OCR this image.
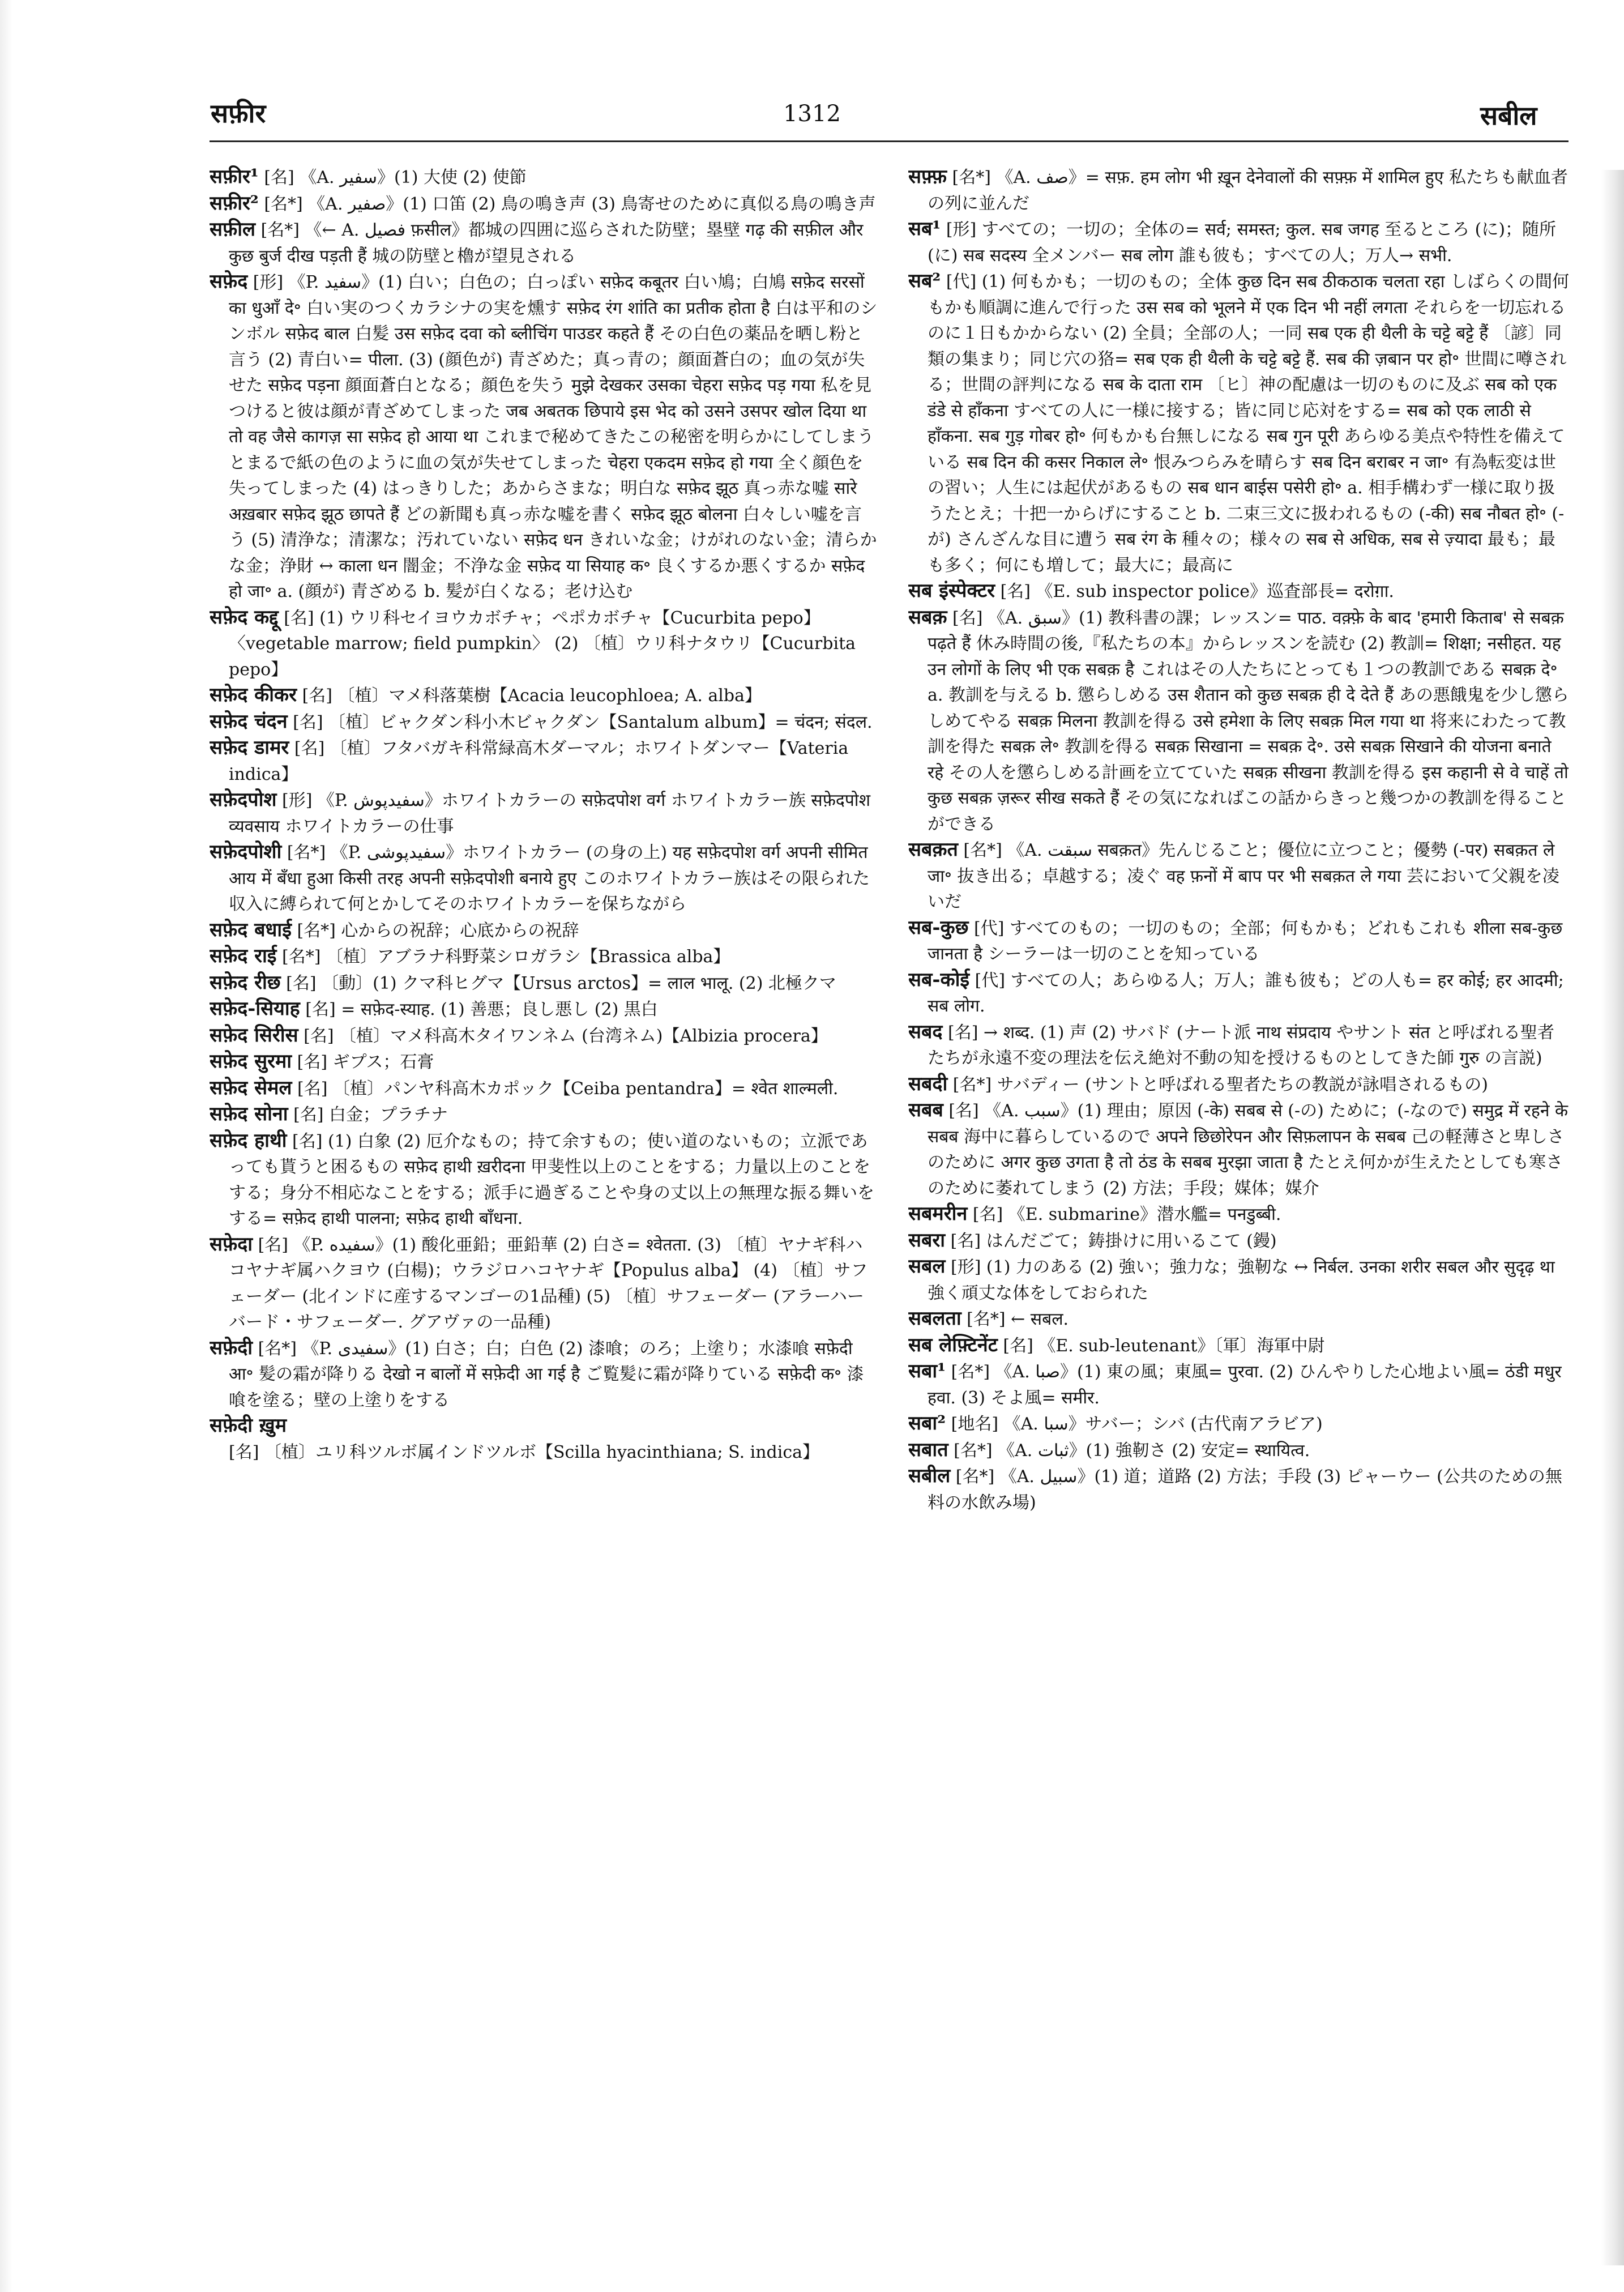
सफ़ीर	1312	सबील
सफ़ीर¹ [名] 《A. سفیر》(1) 大使 (2) 使節
सफ़ीर² [名*] 《A. صفیر》(1) 口笛 (2) 鳥の鳴き声 (3) 鳥寄せのために真似る鳥の鳴き声
सफ़ील [名*] 《← A. فصیل फ़सील》都城の四囲に巡らされた防壁；塁壁 गढ़ की सफ़ील और कुछ बुर्ज दीख पड़ती हैं 城の防壁と櫓が望見される
सफ़ेद [形] 《P. سفید》(1) 白い；白色の；白っぽい सफ़ेद कबूतर 白い鳩；白鳩 सफ़ेद सरसों का धुआँ दे॰ 白い実のつくカラシナの実を燻す सफ़ेद रंग शांति का प्रतीक होता है 白は平和のシンボル सफ़ेद बाल 白髪 उस सफ़ेद दवा को ब्लीचिंग पाउडर कहते हैं その白色の薬品を晒し粉と言う (2) 青白い= पीला. (3) (顔色が) 青ざめた；真っ青の；顔面蒼白の；血の気が失せた सफ़ेद पड़ना 顔面蒼白となる；顔色を失う मुझे देखकर उसका चेहरा सफ़ेद पड़ गया 私を見つけると彼は顔が青ざめてしまった जब अबतक छिपाये इस भेद को उसने उसपर खोल दिया था तो वह जैसे कागज़ सा सफ़ेद हो आया था これまで秘めてきたこの秘密を明らかにしてしまうとまるで紙の色のように血の気が失せてしまった चेहरा एकदम सफ़ेद हो गया 全く顔色を失ってしまった (4) はっきりした；あからさまな；明白な सफ़ेद झूठ 真っ赤な嘘 सारे अख़बार सफ़ेद झूठ छापते हैं どの新聞も真っ赤な嘘を書く सफ़ेद झूठ बोलना 白々しい嘘を言う (5) 清浄な；清潔な；汚れていない सफ़ेद धन きれいな金；けがれのない金；清らかな金；浄財 ↔ काला धन 闇金；不浄な金 सफ़ेद या सियाह क॰ 良くするか悪くするか सफ़ेद हो जा॰ a. (顔が) 青ざめる b. 髪が白くなる；老け込む
सफ़ेद कद्दू [名] (1) ウリ科セイヨウカボチャ；ペポカボチャ【Cucurbita pepo】〈vegetable marrow; field pumpkin〉 (2) 〔植〕ウリ科ナタウリ【Cucurbita pepo】
सफ़ेद कीकर [名] 〔植〕マメ科落葉樹【Acacia leucophloea; A. alba】
सफ़ेद चंदन [名] 〔植〕ビャクダン科小木ビャクダン【Santalum album】= चंदन; संदल.
सफ़ेद डामर [名] 〔植〕フタバガキ科常緑高木ダーマル；ホワイトダンマー【Vateria indica】
सफ़ेदपोश [形] 《P. سفیدپوش》ホワイトカラーの सफ़ेदपोश वर्ग ホワイトカラー族 सफ़ेदपोश व्यवसाय ホワイトカラーの仕事
सफ़ेदपोशी [名*] 《P. سفیدپوشی》ホワイトカラー (の身の上) यह सफ़ेदपोश वर्ग अपनी सीमित आय में बँधा हुआ किसी तरह अपनी सफ़ेदपोशी बनाये हुए このホワイトカラー族はその限られた収入に縛られて何とかしてそのホワイトカラーを保ちながら
सफ़ेद बधाई [名*] 心からの祝辞；心底からの祝辞
सफ़ेद राई [名*] 〔植〕アブラナ科野菜シロガラシ【Brassica alba】
सफ़ेद रीछ [名] 〔動〕(1) クマ科ヒグマ【Ursus arctos】= लाल भालू. (2) 北極クマ
सफ़ेद-सियाह [名] = सफ़ेद-स्याह. (1) 善悪；良し悪し (2) 黒白
सफ़ेद सिरीस [名] 〔植〕マメ科高木タイワンネム (台湾ネム)【Albizia procera】
सफ़ेद सुरमा [名] ギプス；石膏
सफ़ेद सेमल [名] 〔植〕パンヤ科高木カポック【Ceiba pentandra】= श्वेत शाल्मली.
सफ़ेद सोना [名] 白金；プラチナ
सफ़ेद हाथी [名] (1) 白象 (2) 厄介なもの；持て余すもの；使い道のないもの；立派であっても貰うと困るもの सफ़ेद हाथी ख़रीदना 甲斐性以上のことをする；力量以上のことをする；身分不相応なことをする；派手に過ぎることや身の丈以上の無理な振る舞いをする= सफ़ेद हाथी पालना; सफ़ेद हाथी बाँधना.
सफ़ेदा [名] 《P. سفیده》(1) 酸化亜鉛；亜鉛華 (2) 白さ= श्वेतता. (3) 〔植〕ヤナギ科ハコヤナギ属ハクヨウ (白楊)；ウラジロハコヤナギ【Populus alba】 (4) 〔植〕サフェーダー (北インドに産するマンゴーの1品種) (5) 〔植〕サフェーダー (アラーハーバード・サフェーダー. グアヴァの一品種)
सफ़ेदी [名*] 《P. سفیدی》(1) 白さ；白；白色 (2) 漆喰；のろ；上塗り；水漆喰 सफ़ेदी आ॰ 髪の霜が降りる देखो न बालों में सफ़ेदी आ गई है ご覧髪に霜が降りている सफ़ेदी क॰ 漆喰を塗る；壁の上塗りをする
सफ़ेदी ख़ुम [名] 〔植〕ユリ科ツルボ属インドツルボ【Scilla hyacinthiana; S. indica】
सफ़्फ़ [名*] 《A. صف》= सफ़. हम लोग भी ख़ून देनेवालों की सफ़्फ़ में शामिल हुए 私たちも献血者の列に並んだ
सब¹ [形] すべての；一切の；全体の= सर्व; समस्त; कुल. सब जगह 至るところ (に)；随所 (に) सब सदस्य 全メンバー सब लोग 誰も彼も；すべての人；万人→ सभी.
सब² [代] (1) 何もかも；一切のもの；全体 कुछ दिन सब ठीकठाक चलता रहा しばらくの間何もかも順調に進んで行った उस सब को भूलने में एक दिन भी नहीं लगता それらを一切忘れるのに１日もかからない (2) 全員；全部の人；一同 सब एक ही थैली के चट्टे बट्टे हैं 〔諺〕同類の集まり；同じ穴の狢= सब एक ही थैली के चट्टे बट्टे हैं. सब की ज़बान पर हो॰ 世間に噂される；世間の評判になる सब के दाता राम 〔ヒ〕神の配慮は一切のものに及ぶ सब को एक डंडे से हाँकना すべての人に一様に接する；皆に同じ応対をする= सब को एक लाठी से हाँकना. सब गुड़ गोबर हो॰ 何もかも台無しになる सब गुन पूरी あらゆる美点や特性を備えている सब दिन की कसर निकाल ले॰ 恨みつらみを晴らす सब दिन बराबर न जा॰ 有為転変は世の習い；人生には起伏があるもの सब धान बाईस पसेरी हो॰ a. 相手構わず一様に取り扱うたとえ；十把一からげにすること b. 二束三文に扱われるもの (-की) सब नौबत हो॰ (-が) さんざんな目に遭う सब रंग के 種々の；様々の सब से अधिक, सब से ज़्यादा 最も；最も多く；何にも増して；最大に；最高に
सब इंस्पेक्टर [名] 《E. sub inspector police》巡査部長= दरोग़ा.
सबक़ [名] 《A. سبق》(1) 教科書の課；レッスン= पाठ. वक़्फ़े के बाद 'हमारी किताब' से सबक़ पढ़ते हैं 休み時間の後,『私たちの本』からレッスンを読む (2) 教訓= शिक्षा; नसीहत. यह उन लोगों के लिए भी एक सबक़ है これはその人たちにとっても１つの教訓である सबक़ दे॰ a. 教訓を与える b. 懲らしめる उस शैतान को कुछ सबक़ ही दे देते हैं あの悪餓鬼を少し懲らしめてやる सबक़ मिलना 教訓を得る उसे हमेशा के लिए सबक़ मिल गया था 将来にわたって教訓を得た सबक़ ले॰ 教訓を得る सबक़ सिखाना = सबक़ दे॰. उसे सबक़ सिखाने की योजना बनाते रहे その人を懲らしめる計画を立てていた सबक़ सीखना 教訓を得る इस कहानी से वे चाहें तो कुछ सबक़ ज़रूर सीख सकते हैं その気になればこの話からきっと幾つかの教訓を得ることができる
सबक़त [名*] 《A. سبقت सबक़त》先んじること；優位に立つこと；優勢 (-पर) सबक़त ले जा॰ 抜き出る；卓越する；凌ぐ वह फ़नों में बाप पर भी सबक़त ले गया 芸において父親を凌いだ
सब-कुछ [代] すべてのもの；一切のもの；全部；何もかも；どれもこれも शीला सब-कुछ जानता है シーラーは一切のことを知っている
सब-कोई [代] すべての人；あらゆる人；万人；誰も彼も；どの人も= हर कोई; हर आदमी; सब लोग.
सबद [名] → शब्द. (1) 声 (2) サバド (ナート派 नाथ संप्रदाय やサント संत と呼ばれる聖者たちが永遠不変の理法を伝え絶対不動の知を授けるものとしてきた師 गुरु の言説)
सबदी [名*] サバディー (サントと呼ばれる聖者たちの教説が詠唱されるもの)
सबब [名] 《A. سبب》(1) 理由；原因 (-के) सबब से (-の) ために；(-なので) समुद्र में रहने के सबब 海中に暮らしているので अपने छिछोरेपन और सिफ़लापन के सबब 己の軽薄さと卑しさのために अगर कुछ उगता है तो ठंड के सबब मुरझा जाता है たとえ何かが生えたとしても寒さのために萎れてしまう (2) 方法；手段；媒体；媒介
सबमरीन [名] 《E. submarine》潜水艦= पनडुब्बी.
सबरा [名] はんだごて；鋳掛けに用いるこて (鏝)
सबल [形] (1) 力のある (2) 強い；強力な；強靭な ↔ निर्बल. उनका शरीर सबल और सुदृढ़ था 強く頑丈な体をしておられた
सबलता [名*] ← सबल.
सब लेफ़्टिनेंट [名] 《E. sub-leutenant》〔軍〕海軍中尉
सबा¹ [名*] 《A. صبا》(1) 東の風；東風= पुरवा. (2) ひんやりした心地よい風= ठंडी मधुर हवा. (3) そよ風= समीर.
सबा² [地名] 《A. سبا》サバー；シバ (古代南アラビア)
सबात [名*] 《A. ثبات》(1) 強靭さ (2) 安定= स्थायित्व.
सबील [名*] 《A. سبیل》(1) 道；道路 (2) 方法；手段 (3) ピャーウー (公共のための無料の水飲み場)
